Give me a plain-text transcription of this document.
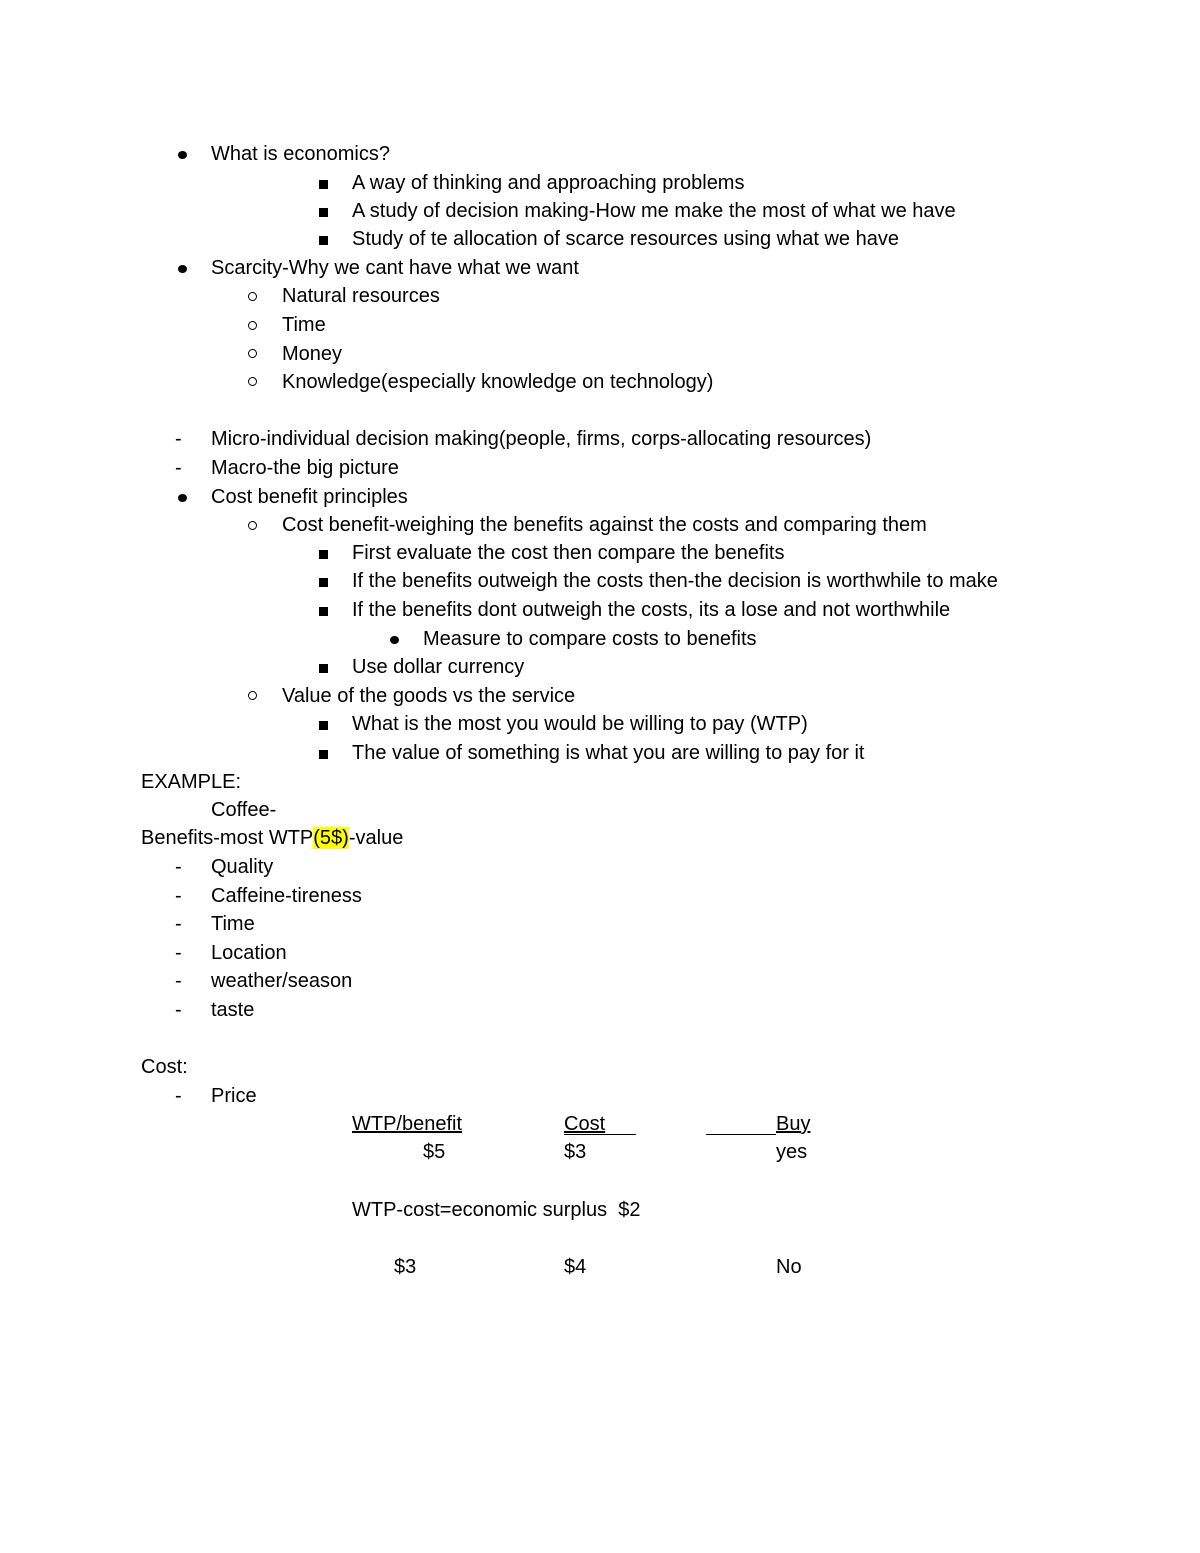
What is economics?
A way of thinking and approaching problems
A study of decision making-How me make the most of what we have
Study of te allocation of scarce resources using what we have
Scarcity-Why we cant have what we want
Natural resources
Time
Money
Knowledge(especially knowledge on technology)
- Micro-individual decision making(people, firms, corps-allocating resources)
- Macro-the big picture
Cost benefit principles
Cost benefit-weighing the benefits against the costs and comparing them
First evaluate the cost then compare the benefits
If the benefits outweigh the costs then-the decision is worthwhile to make
If the benefits dont outweigh the costs, its a lose and not worthwhile
Measure to compare costs to benefits
Use dollar currency
Value of the goods vs the service
What is the most you would be willing to pay (WTP)
The value of something is what you are willing to pay for it
EXAMPLE:
Coffee-
Benefits-most WTP(5$)-value
- Quality
- Caffeine-tireness
- Time
- Location
- weather/season
- taste
Cost:
- Price
WTP/benefit	Cost	Buy
$5	$3	yes
WTP-cost=economic surplus  $2
$3	$4	No
